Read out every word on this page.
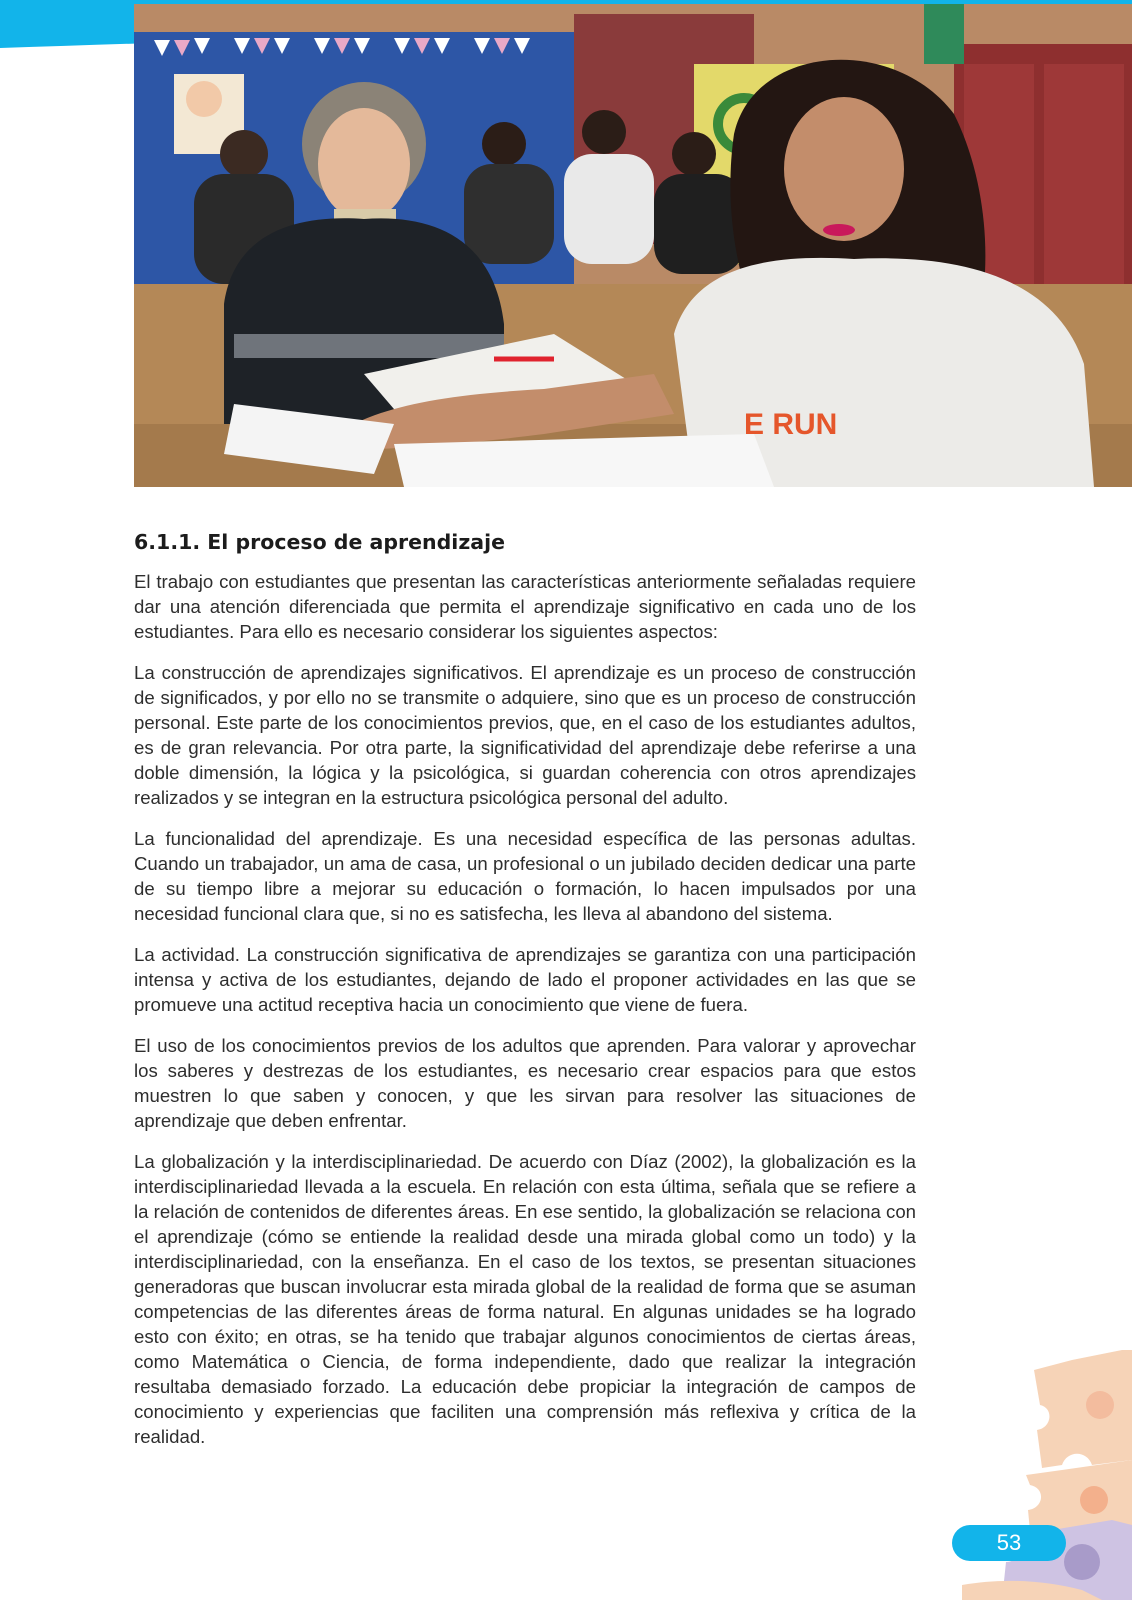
E RUN
6.1.1. El proceso de aprendizaje

El trabajo con estudiantes que presentan las características anteriormente señaladas requiere dar una atención diferenciada que permita el aprendizaje significativo en cada uno de los estudiantes. Para ello es necesario considerar los siguientes aspectos:

La construcción de aprendizajes significativos. El aprendizaje es un proceso de construcción de significados, y por ello no se transmite o adquiere, sino que es un proceso de construcción personal. Este parte de los conocimientos previos, que, en el caso de los estudiantes adultos, es de gran relevancia. Por otra parte, la significatividad del aprendizaje debe referirse a una doble dimensión, la lógica y la psicológica, si guardan coherencia con otros aprendizajes realizados y se integran en la estructura psicológica personal del adulto.

La funcionalidad del aprendizaje. Es una necesidad específica de las personas adultas. Cuando un trabajador, un ama de casa, un profesional o un jubilado deciden dedicar una parte de su tiempo libre a mejorar su educación o formación, lo hacen impulsados por una necesidad funcional clara que, si no es satisfecha, les lleva al abandono del sistema.

La actividad. La construcción significativa de aprendizajes se garantiza con una participación intensa y activa de los estudiantes, dejando de lado el proponer actividades en las que se promueve una actitud receptiva hacia un conocimiento que viene de fuera.

El uso de los conocimientos previos de los adultos que aprenden. Para valorar y aprovechar los saberes y destrezas de los estudiantes, es necesario crear espacios para que estos muestren lo que saben y conocen, y que les sirvan para resolver las situaciones de aprendizaje que deben enfrentar.

La globalización y la interdisciplinariedad. De acuerdo con Díaz (2002), la globalización es la interdisciplinariedad llevada a la escuela. En relación con esta última, señala que se refiere a la relación de contenidos de diferentes áreas. En ese sentido, la globalización se relaciona con el aprendizaje (cómo se entiende la realidad desde una mirada global como un todo) y la interdisciplinariedad, con la enseñanza. En el caso de los textos, se presentan situaciones generadoras que buscan involucrar esta mirada global de la realidad de forma que se asuman competencias de las diferentes áreas de forma natural. En algunas unidades se ha logrado esto con éxito; en otras, se ha tenido que trabajar algunos conocimientos de ciertas áreas, como Matemática o Ciencia, de forma independiente, dado que realizar la integración resultaba demasiado forzado. La educación debe propiciar la integración de campos de conocimiento y experiencias que faciliten una comprensión más reflexiva y crítica de la realidad.

53
